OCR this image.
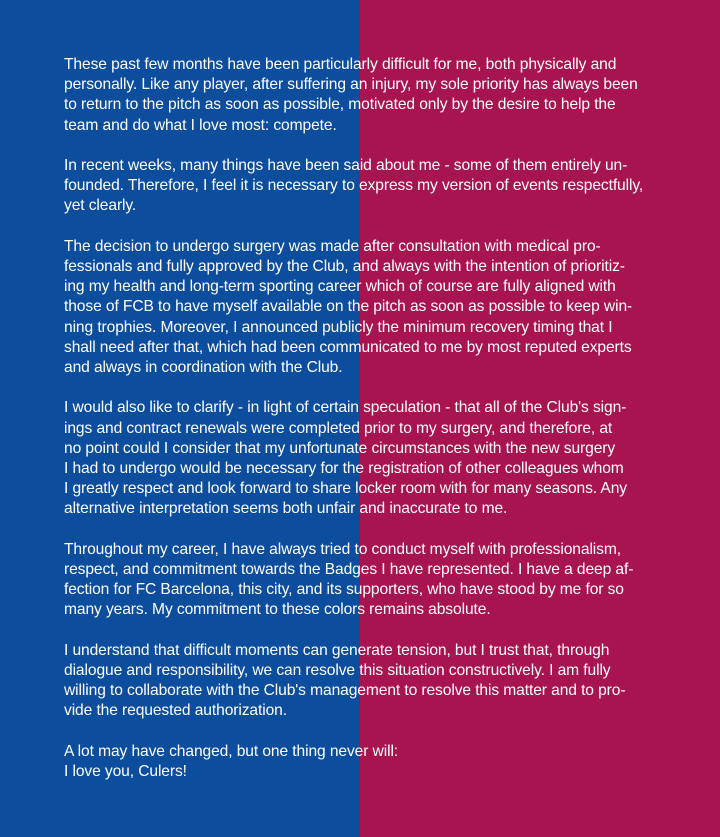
These past few months have been particularly difficult for me, both physically and
personally. Like any player, after suffering an injury, my sole priority has always been
to return to the pitch as soon as possible, motivated only by the desire to help the
team and do what I love most: compete.

In recent weeks, many things have been said about me - some of them entirely un-
founded. Therefore, I feel it is necessary to express my version of events respectfully,
yet clearly.

The decision to undergo surgery was made after consultation with medical pro-
fessionals and fully approved by the Club, and always with the intention of prioritiz-
ing my health and long-term sporting career which of course are fully aligned with
those of FCB to have myself available on the pitch as soon as possible to keep win-
ning trophies. Moreover, I announced publicly the minimum recovery timing that I
shall need after that, which had been communicated to me by most reputed experts
and always in coordination with the Club.

I would also like to clarify - in light of certain speculation - that all of the Club's sign-
ings and contract renewals were completed prior to my surgery, and therefore, at
no point could I consider that my unfortunate circumstances with the new surgery
I had to undergo would be necessary for the registration of other colleagues whom
I greatly respect and look forward to share locker room with for many seasons. Any
alternative interpretation seems both unfair and inaccurate to me.

Throughout my career, I have always tried to conduct myself with professionalism,
respect, and commitment towards the Badges I have represented. I have a deep af-
fection for FC Barcelona, this city, and its supporters, who have stood by me for so
many years. My commitment to these colors remains absolute.

I understand that difficult moments can generate tension, but I trust that, through
dialogue and responsibility, we can resolve this situation constructively. I am fully
willing to collaborate with the Club's management to resolve this matter and to pro-
vide the requested authorization.

A lot may have changed, but one thing never will:
I love you, Culers!
